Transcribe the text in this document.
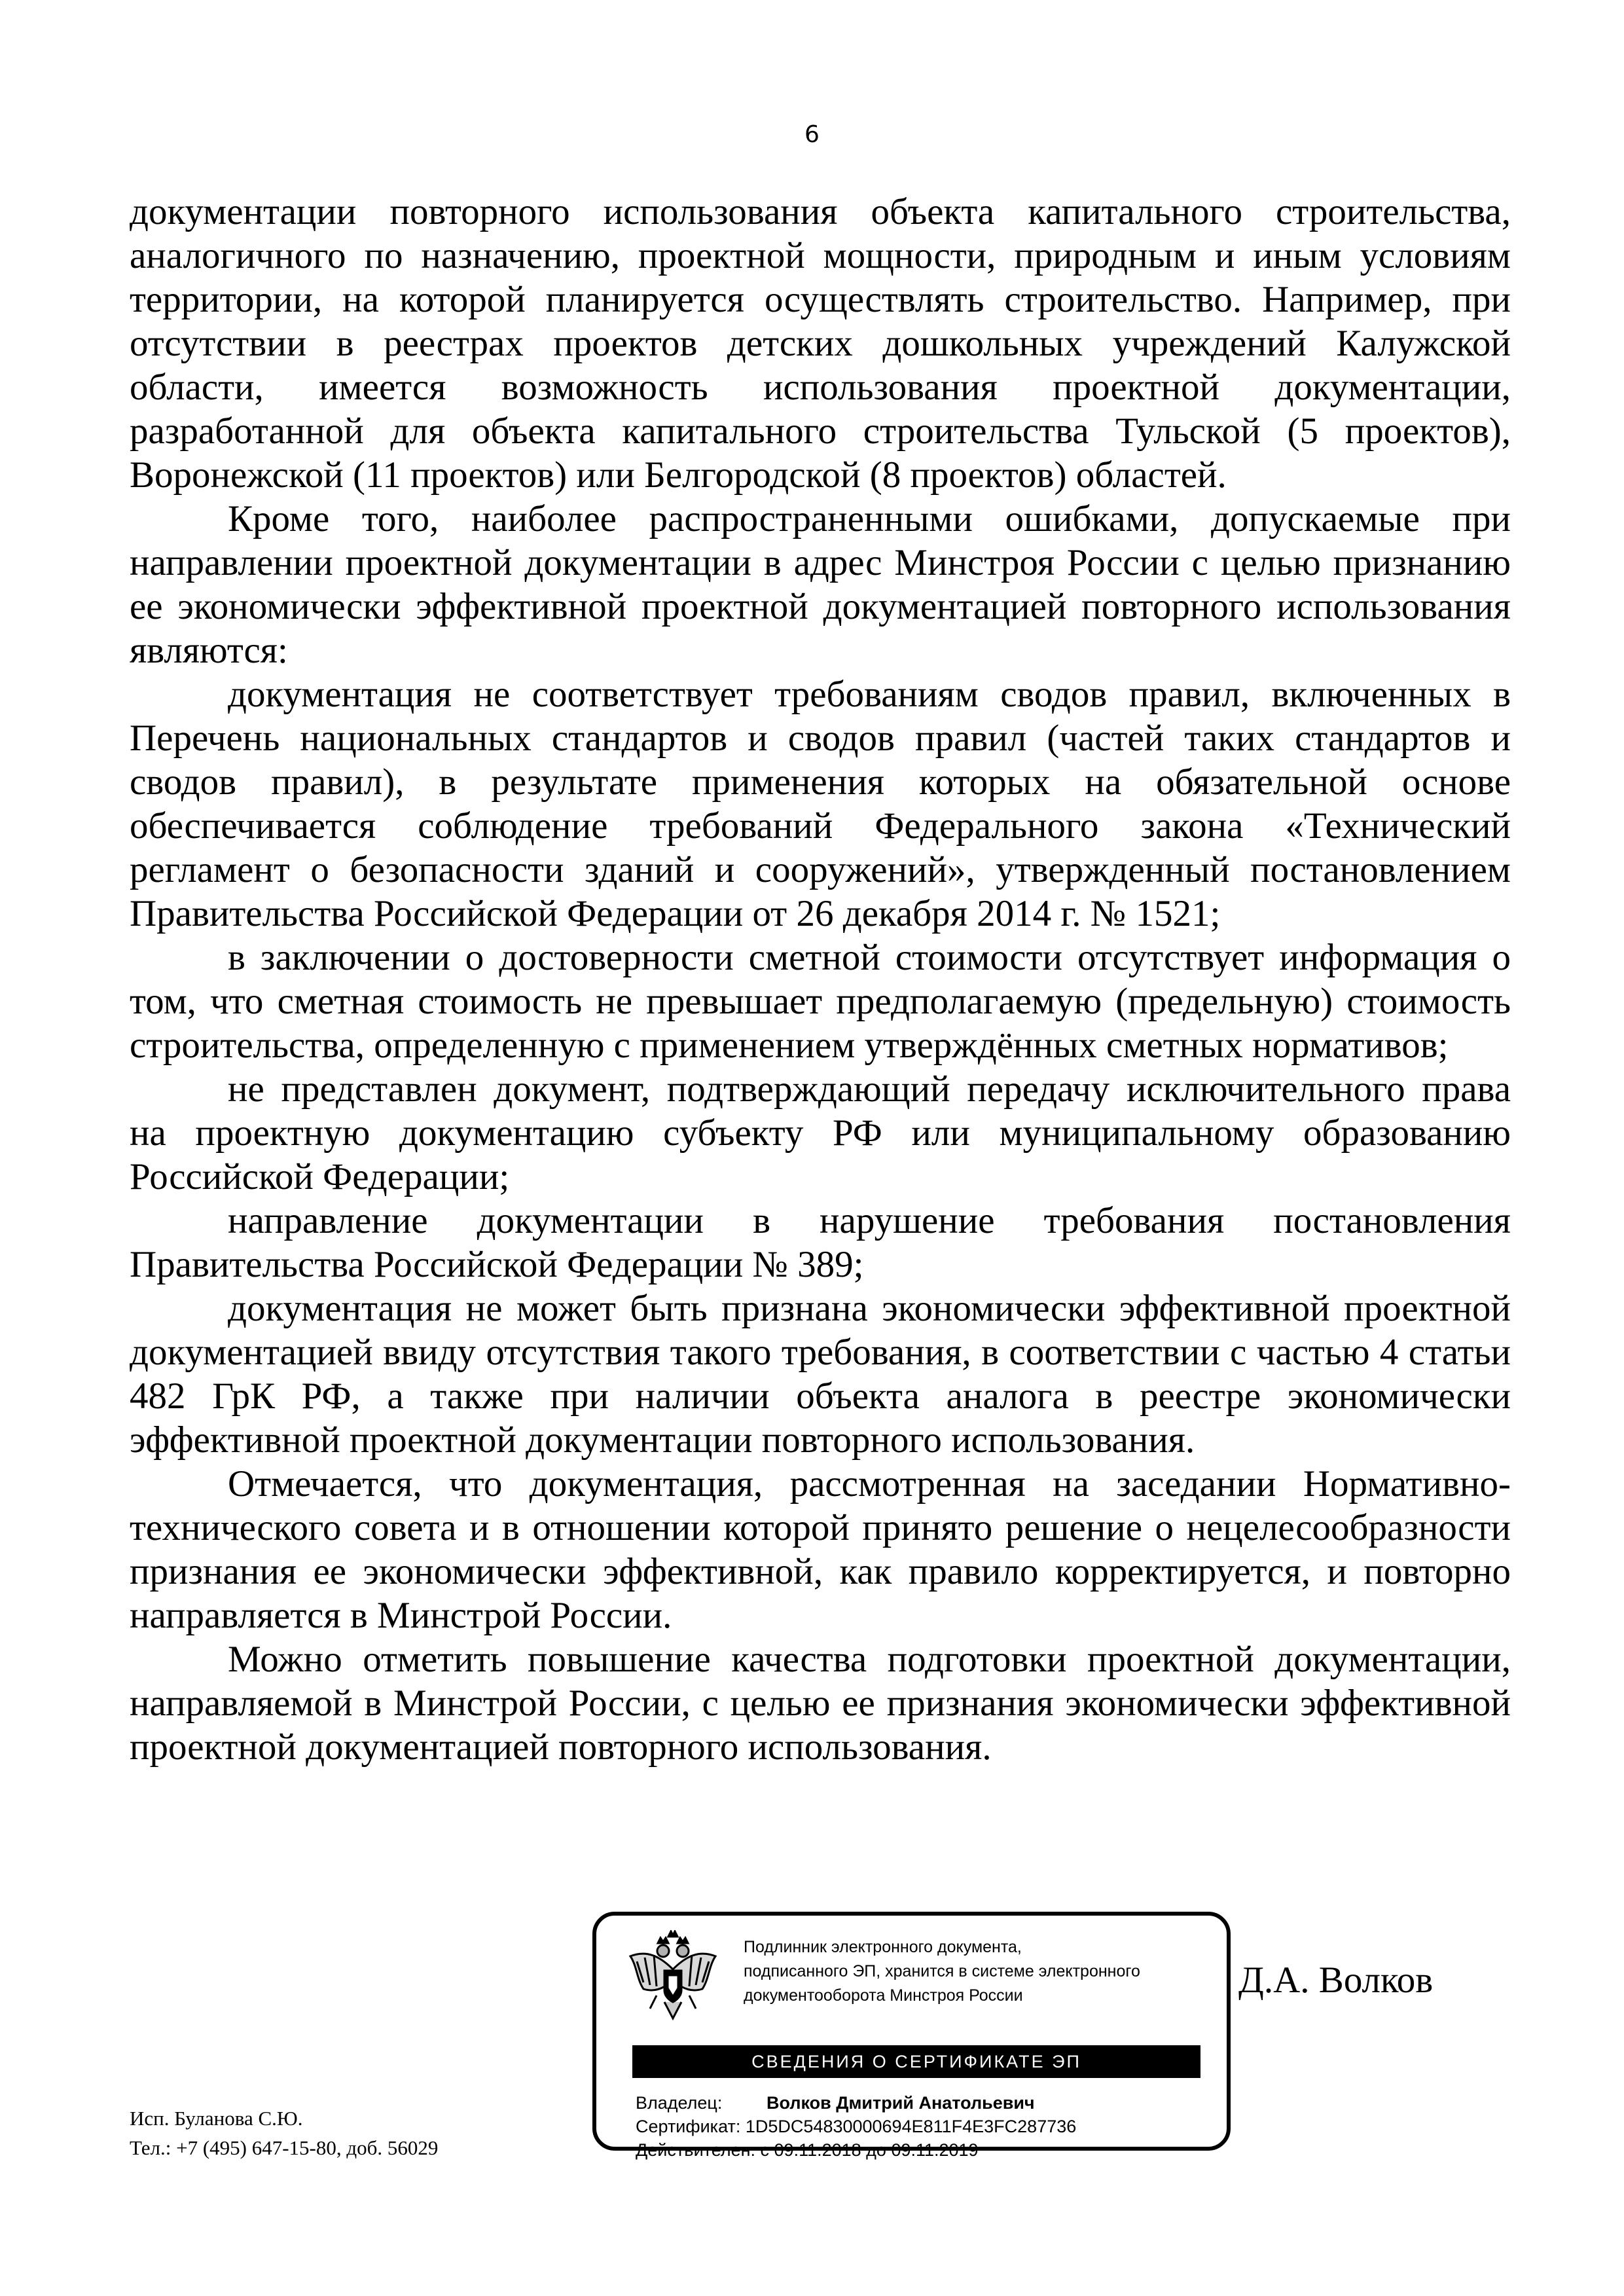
6

документации повторного использования объекта капитального строительства, аналогичного по назначению, проектной мощности, природным и иным условиям территории, на которой планируется осуществлять строительство. Например, при отсутствии в реестрах проектов детских дошкольных учреждений Калужской области, имеется возможность использования проектной документации, разработанной для объекта капитального строительства Тульской (5 проектов), Воронежской (11 проектов) или Белгородской (8 проектов) областей.

Кроме того, наиболее распространенными ошибками, допускаемые при направлении проектной документации в адрес Минстроя России с целью признанию ее экономически эффективной проектной документацией повторного использования являются:

документация не соответствует требованиям сводов правил, включенных в Перечень национальных стандартов и сводов правил (частей таких стандартов и сводов правил), в результате применения которых на обязательной основе обеспечивается соблюдение требований Федерального закона «Технический регламент о безопасности зданий и сооружений», утвержденный постановлением Правительства Российской Федерации от 26 декабря 2014 г. № 1521;

в заключении о достоверности сметной стоимости отсутствует информация о том, что сметная стоимость не превышает предполагаемую (предельную) стоимость строительства, определенную с применением утверждённых сметных нормативов;

не представлен документ, подтверждающий передачу исключительного права на проектную документацию субъекту РФ или муниципальному образованию Российской Федерации;

направление документации в нарушение требования постановления Правительства Российской Федерации № 389;

документация не может быть признана экономически эффективной проектной документацией ввиду отсутствия такого требования, в соответствии с частью 4 статьи 482 ГрК РФ, а также при наличии объекта аналога в реестре экономически эффективной проектной документации повторного использования.

Отмечается, что документация, рассмотренная на заседании Нормативно-технического совета и в отношении которой принято решение о нецелесообразности признания ее экономически эффективной, как правило корректируется, и повторно направляется в Минстрой России.

Можно отметить повышение качества подготовки проектной документации, направляемой в Минстрой России, с целью ее признания экономически эффективной проектной документацией повторного использования.

Подлинник электронного документа,
подписанного ЭП, хранится в системе электронного
документооборота Минстроя России
СВЕДЕНИЯ О СЕРТИФИКАТЕ ЭП
Владелец:	Волков Дмитрий Анатольевич
Сертификат: 1D5DC54830000694E811F4E3FC287736
Действителен: с 09.11.2018 до 09.11.2019
Д.А. Волков
Исп. Буланова С.Ю.
Тел.: +7 (495) 647-15-80, доб. 56029
